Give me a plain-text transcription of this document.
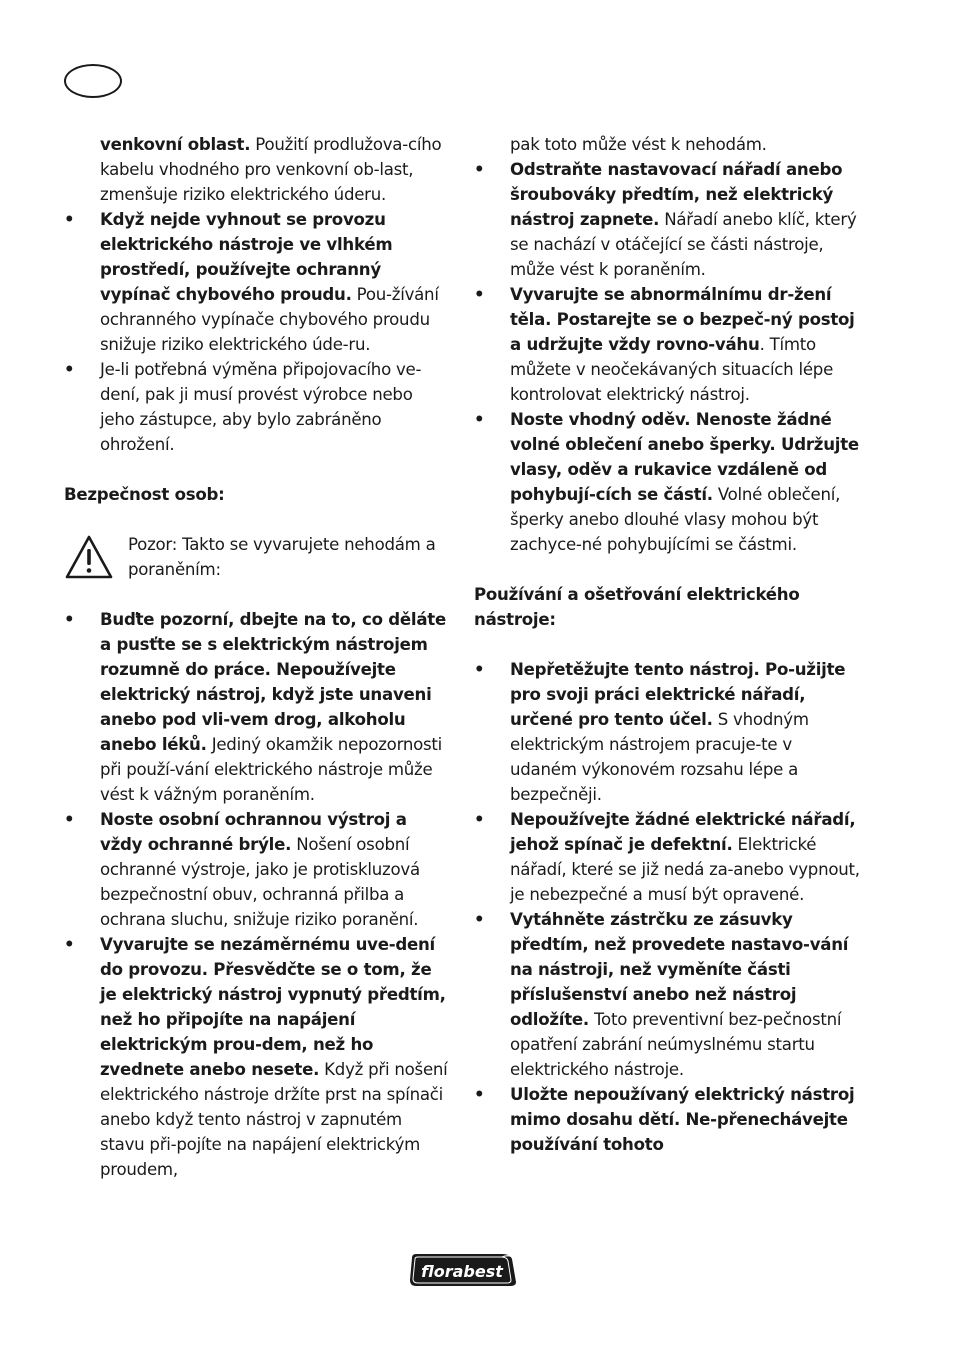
venkovní oblast. Použití prodlužova-cího kabelu vhodného pro venkovní ob-last, zmenšuje riziko elektrického úderu.

• Když nejde vyhnout se provozu elektrického nástroje ve vlhkém prostředí, používejte ochranný vypínač chybového proudu. Pou-žívání ochranného vypínače chybového proudu snižuje riziko elektrického úde-ru.
• Je-li potřebná výměna připojovacího ve-dení, pak ji musí provést výrobce nebo jeho zástupce, aby bylo zabráněno ohrožení.

Bezpečnost osob:

Pozor: Takto se vyvarujete nehodám a poraněním:

• Buďte pozorní, dbejte na to, co děláte a pusťte se s elektrickým nástrojem rozumně do práce. Nepoužívejte elektrický nástroj, když jste unaveni anebo pod vli-vem drog, alkoholu anebo léků. Jediný okamžik nepozornosti při použí-vání elektrického nástroje může vést k vážným poraněním.
• Noste osobní ochrannou výstroj a vždy ochranné brýle. Nošení osobní ochranné výstroje, jako je protiskluzová bezpečnostní obuv, ochranná přilba a ochrana sluchu, snižuje riziko poranění.
• Vyvarujte se nezáměrnému uve-dení do provozu. Přesvědčte se o tom, že je elektrický nástroj vypnutý předtím, než ho připojíte na napájení elektrickým prou-dem, než ho zvednete anebo nesete. Když při nošení elektrického nástroje držíte prst na spínači anebo když tento nástroj v zapnutém stavu při-pojíte na napájení elektrickým proudem,

pak toto může vést k nehodám.

• Odstraňte nastavovací nářadí anebo šroubováky předtím, než elektrický nástroj zapnete. Nářadí anebo klíč, který se nachází v otáčející se části nástroje, může vést k poraněním.
• Vyvarujte se abnormálnímu dr-žení těla. Postarejte se o bezpeč-ný postoj a udržujte vždy rovno-váhu. Tímto můžete v neočekávaných situacích lépe kontrolovat elektrický nástroj.
• Noste vhodný oděv. Nenoste žádné volné oblečení anebo šperky. Udržujte vlasy, oděv a rukavice vzdáleně od pohybují-cích se částí. Volné oblečení, šperky anebo dlouhé vlasy mohou být zachyce-né pohybujícími se částmi.

Používání a ošetřování elektrického nástroje:

• Nepřetěžujte tento nástroj. Po-užijte pro svoji práci elektrické nářadí, určené pro tento účel. S vhodným elektrickým nástrojem pracuje-te v udaném výkonovém rozsahu lépe a bezpečněji.
• Nepoužívejte žádné elektrické nářadí, jehož spínač je defektní. Elektrické nářadí, které se již nedá za-anebo vypnout, je nebezpečné a musí být opravené.
• Vytáhněte zástrčku ze zásuvky předtím, než provedete nastavo-vání na nástroji, než vyměníte části příslušenství anebo než nástroj odložíte. Toto preventivní bez-pečnostní opatření zabrání neúmyslnému startu elektrického nástroje.
• Uložte nepoužívaný elektrický nástroj mimo dosahu dětí. Ne-přenechávejte používání tohoto
florabest
